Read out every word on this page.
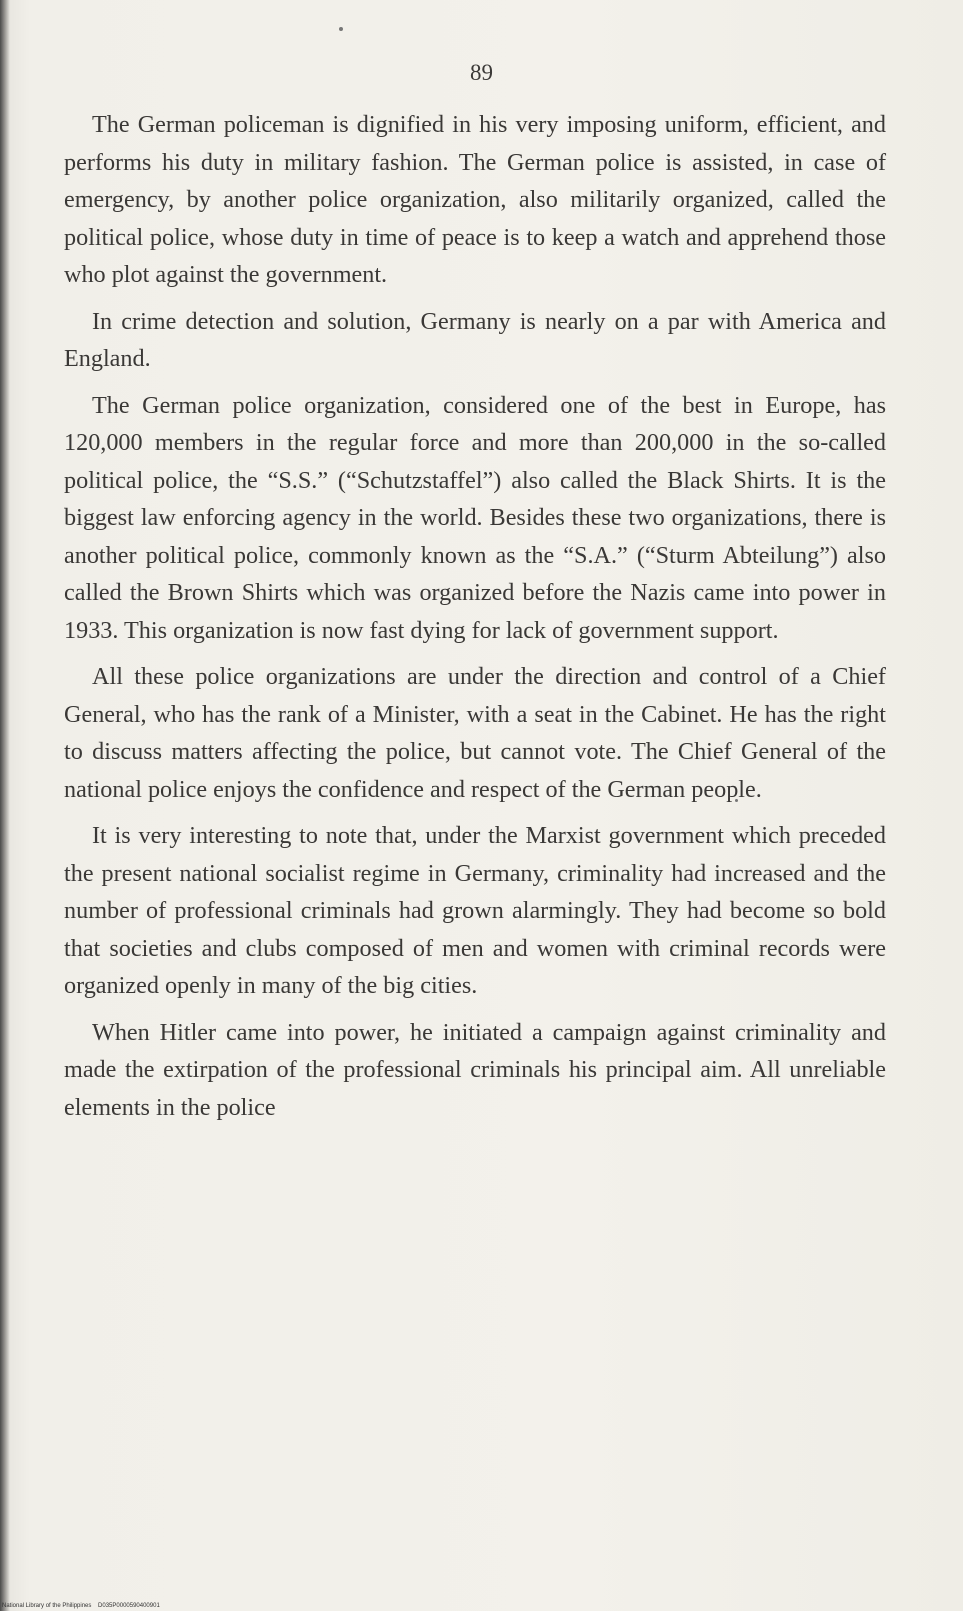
89

The German policeman is dignified in his very imposing uniform, efficient, and performs his duty in military fashion. The German police is assisted, in case of emergency, by another police organization, also militarily organized, called the political police, whose duty in time of peace is to keep a watch and apprehend those who plot against the government.

In crime detection and solution, Germany is nearly on a par with America and England.

The German police organization, considered one of the best in Europe, has 120,000 members in the regular force and more than 200,000 in the so-called political police, the “S.S.” (“Schutzstaffel”) also called the Black Shirts. It is the biggest law enforcing agency in the world. Besides these two organizations, there is another political police, commonly known as the “S.A.” (“Sturm Abteilung”) also called the Brown Shirts which was organized before the Nazis came into power in 1933. This organization is now fast dying for lack of government support.

All these police organizations are under the direction and control of a Chief General, who has the rank of a Minister, with a seat in the Cabinet. He has the right to discuss matters affecting the police, but cannot vote. The Chief General of the national police enjoys the confidence and respect of the German people.

It is very interesting to note that, under the Marxist government which preceded the present national socialist regime in Germany, criminality had increased and the number of professional criminals had grown alarmingly. They had become so bold that societies and clubs composed of men and women with criminal records were organized openly in many of the big cities.

When Hitler came into power, he initiated a campaign against criminality and made the extirpation of the professional criminals his principal aim. All unreliable elements in the police

National Library of the Philippines    D035P0000590400901
